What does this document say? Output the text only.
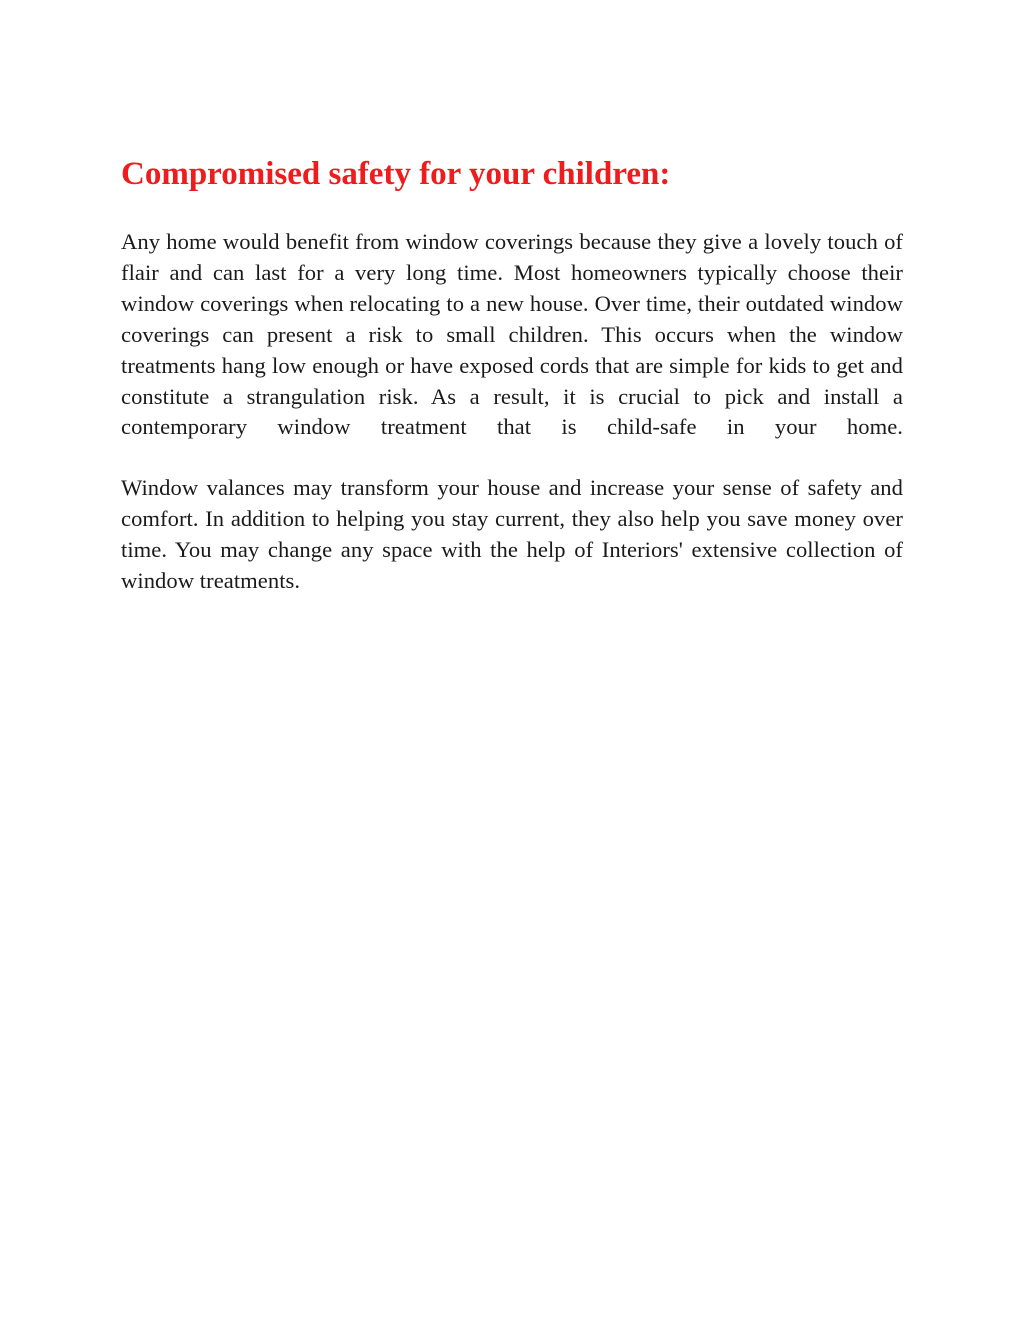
Compromised safety for your children:

Any home would benefit from window coverings because they give a lovely touch of flair and can last for a very long time. Most homeowners typically choose their window coverings when relocating to a new house. Over time, their outdated window coverings can present a risk to small children. This occurs when the window treatments hang low enough or have exposed cords that are simple for kids to get and constitute a strangulation risk. As a result, it is crucial to pick and install a contemporary window treatment that is child-safe in your home.

Window valances may transform your house and increase your sense of safety and comfort. In addition to helping you stay current, they also help you save money over time. You may change any space with the help of Interiors' extensive collection of window treatments.
